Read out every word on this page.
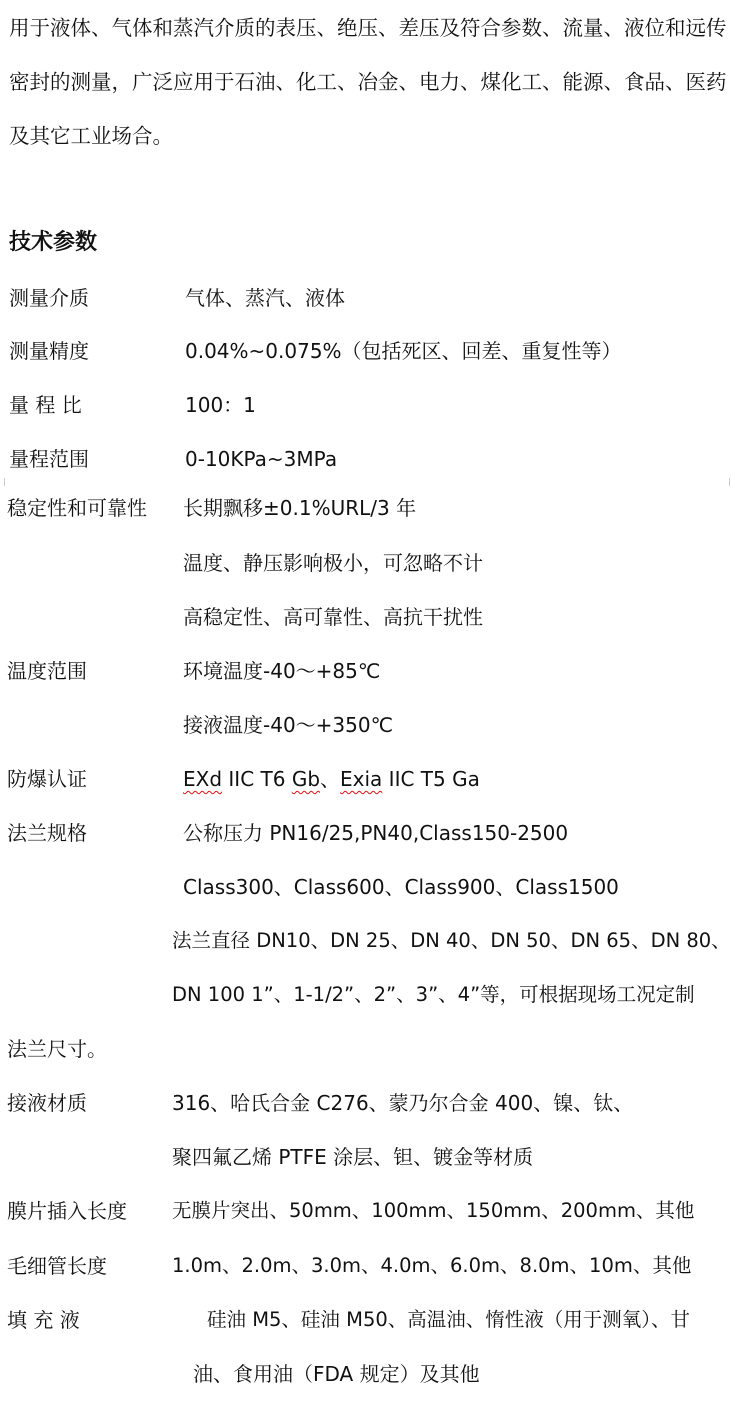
用于液体、气体和蒸汽介质的表压、绝压、差压及符合参数、流量、液位和远传
密封的测量，广泛应用于石油、化工、冶金、电力、煤化工、能源、食品、医药
及其它工业场合。
技术参数
测量介质	气体、蒸汽、液体
测量精度	0.04%~0.075%（包括死区、回差、重复性等）
量 程 比	100：1
量程范围	0-10KPa~3MPa
稳定性和可靠性 长期飘移±0.1%URL/3 年
温度、静压影响极小，可忽略不计
高稳定性、高可靠性、高抗干扰性
温度范围	环境温度-40～+85℃
接液温度-40～+350℃
防爆认证	EXd IIC T6 Gb、Exia IIC T5 Ga
法兰规格	公称压力 PN16/25,PN40,Class150-2500
Class300、Class600、Class900、Class1500
法兰直径 DN10、DN 25、DN 40、DN 50、DN 65、DN 80、
DN 100 1”、1-1/2”、2”、3”、4”等，可根据现场工况定制
法兰尺寸。
接液材质	316、哈氏合金 C276、蒙乃尔合金 400、镍、钛、
聚四氟乙烯 PTFE 涂层、钽、镀金等材质
膜片插入长度 无膜片突出、50mm、100mm、150mm、200mm、其他
毛细管长度	1.0m、2.0m、3.0m、4.0m、6.0m、8.0m、10m、其他
填 充 液	硅油 M5、硅油 M50、高温油、惰性液（用于测氧）、甘
油、食用油（FDA 规定）及其他
